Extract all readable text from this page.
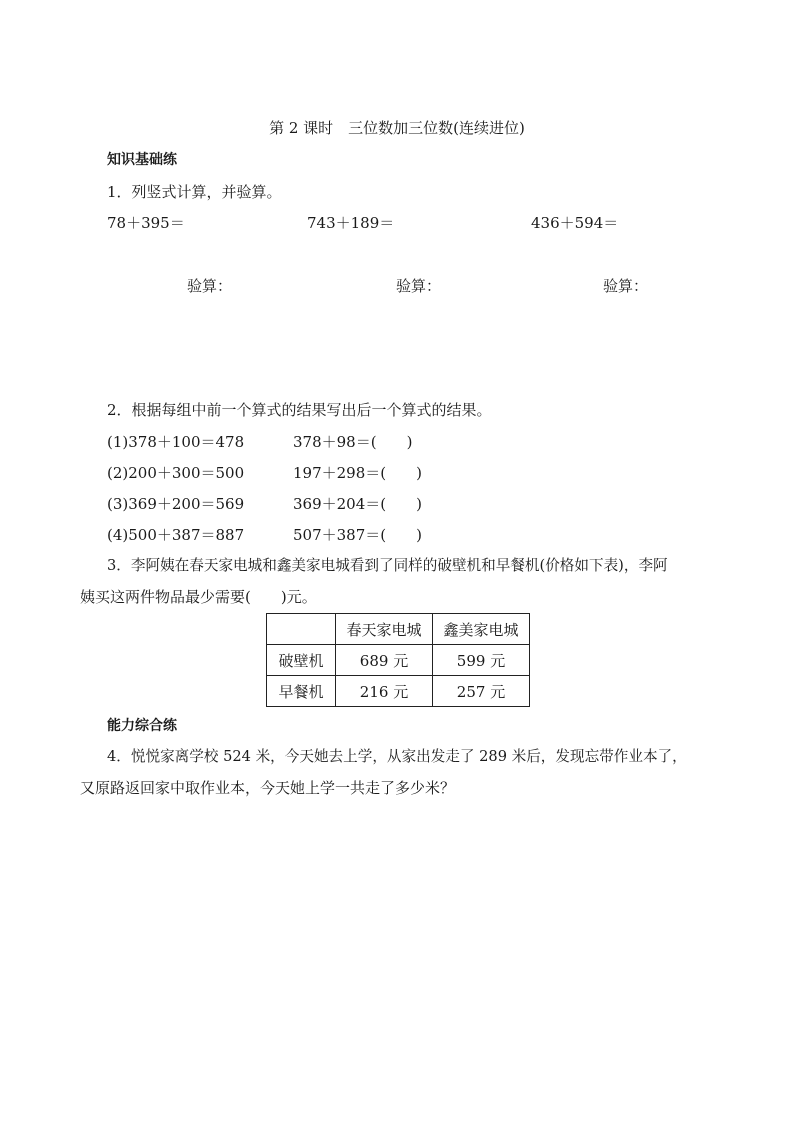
第 2 课时　三位数加三位数(连续进位)
知识基础练
1．列竖式计算，并验算。
78＋395＝	743＋189＝	436＋594＝
验算：	验算：	验算：
2．根据每组中前一个算式的结果写出后一个算式的结果。
(1)378＋100＝478	378＋98＝(　　)
(2)200＋300＝500	197＋298＝(　　)
(3)369＋200＝569	369＋204＝(　　)
(4)500＋387＝887	507＋387＝(　　)
3．李阿姨在春天家电城和鑫美家电城看到了同样的破壁机和早餐机(价格如下表)，李阿
姨买这两件物品最少需要(　　)元。
	春天家电城	鑫美家电城
破壁机	689 元	599 元
早餐机	216 元	257 元
能力综合练
4．悦悦家离学校 524 米，今天她去上学，从家出发走了 289 米后，发现忘带作业本了，
又原路返回家中取作业本，今天她上学一共走了多少米？
